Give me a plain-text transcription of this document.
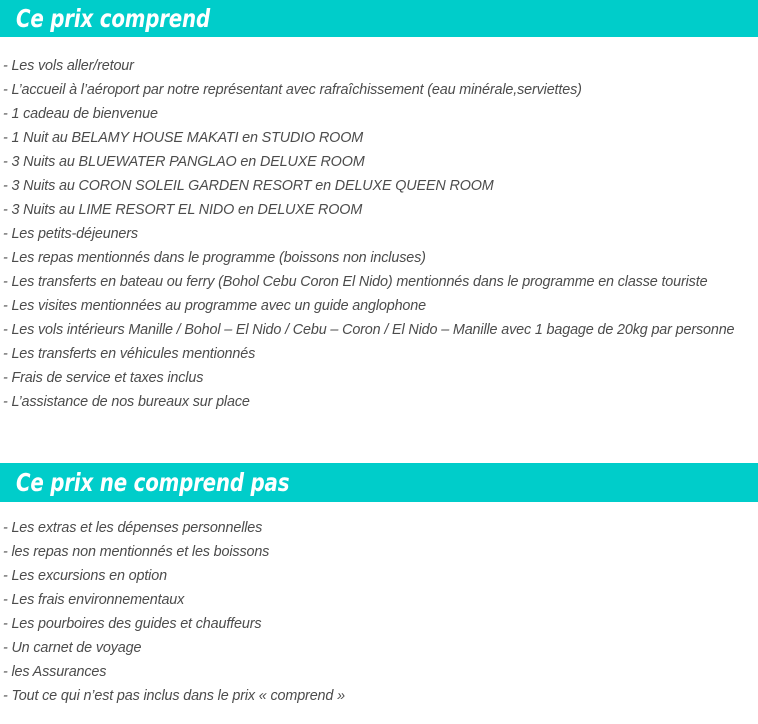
Ce prix comprend
- Les vols aller/retour
- L’accueil à l’aéroport par notre représentant avec rafraîchissement (eau minérale,serviettes)
- 1 cadeau de bienvenue
- 1 Nuit au BELAMY HOUSE MAKATI en STUDIO ROOM
- 3 Nuits au BLUEWATER PANGLAO en DELUXE ROOM
- 3 Nuits au CORON SOLEIL GARDEN RESORT en DELUXE QUEEN ROOM
- 3 Nuits au LIME RESORT EL NIDO en DELUXE ROOM
- Les petits-déjeuners
- Les repas mentionnés dans le programme (boissons non incluses)
- Les transferts en bateau ou ferry (Bohol Cebu Coron El Nido) mentionnés dans le programme en classe touriste
- Les visites mentionnées au programme avec un guide anglophone
- Les vols intérieurs Manille / Bohol – El Nido / Cebu – Coron / El Nido – Manille avec 1 bagage de 20kg par personne
- Les transferts en véhicules mentionnés
- Frais de service et taxes inclus
- L’assistance de nos bureaux sur place
Ce prix ne comprend pas
- Les extras et les dépenses personnelles
- les repas non mentionnés et les boissons
- Les excursions en option
- Les frais environnementaux
- Les pourboires des guides et chauffeurs
- Un carnet de voyage
- les Assurances
- Tout ce qui n’est pas inclus dans le prix « comprend »
